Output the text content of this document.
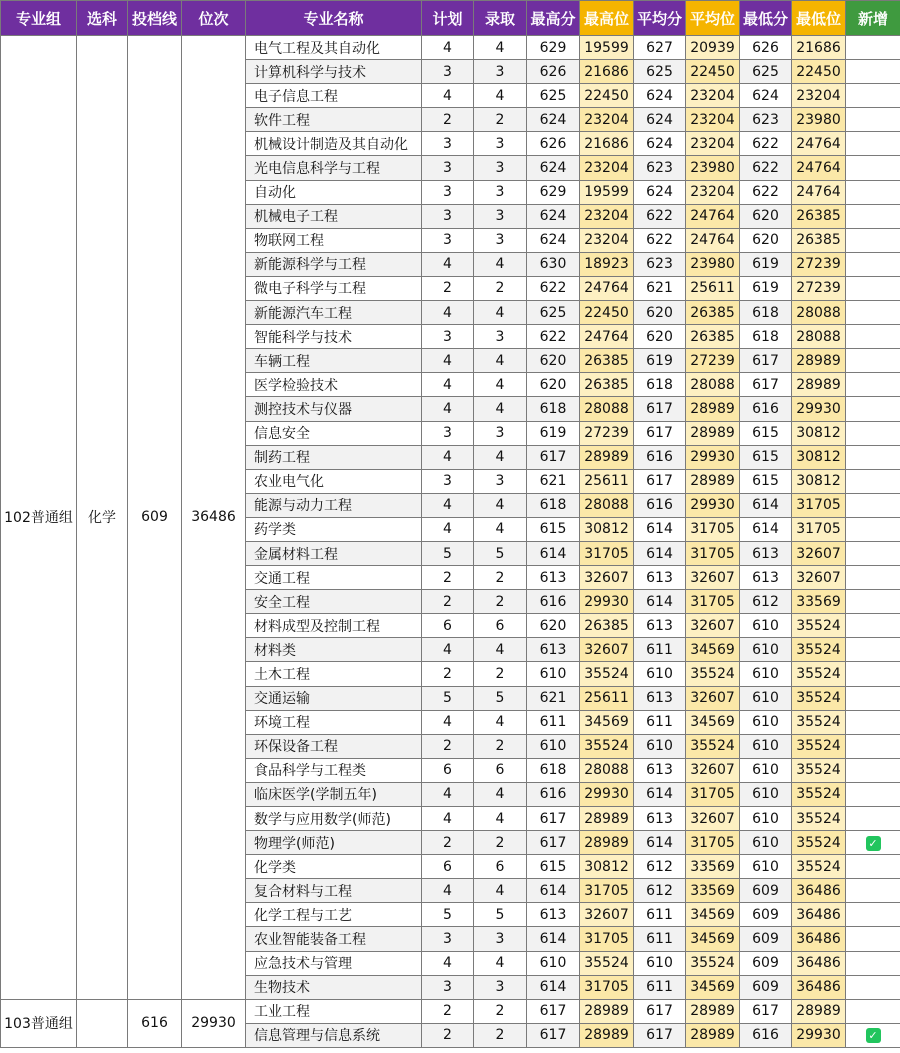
专业组	选科	投档线	位次	专业名称	计划	录取	最高分	最高位	平均分	平均位	最低分	最低位	新增
102普通组	化学	609	36486	电气工程及其自动化	4	4	629	19599	627	20939	626	21686	
				计算机科学与技术	3	3	626	21686	625	22450	625	22450	
				电子信息工程	4	4	625	22450	624	23204	624	23204	
				软件工程	2	2	624	23204	624	23204	623	23980	
				机械设计制造及其自动化	3	3	626	21686	624	23204	622	24764	
				光电信息科学与工程	3	3	624	23204	623	23980	622	24764	
				自动化	3	3	629	19599	624	23204	622	24764	
				机械电子工程	3	3	624	23204	622	24764	620	26385	
				物联网工程	3	3	624	23204	622	24764	620	26385	
				新能源科学与工程	4	4	630	18923	623	23980	619	27239	
				微电子科学与工程	2	2	622	24764	621	25611	619	27239	
				新能源汽车工程	4	4	625	22450	620	26385	618	28088	
				智能科学与技术	3	3	622	24764	620	26385	618	28088	
				车辆工程	4	4	620	26385	619	27239	617	28989	
				医学检验技术	4	4	620	26385	618	28088	617	28989	
				测控技术与仪器	4	4	618	28088	617	28989	616	29930	
				信息安全	3	3	619	27239	617	28989	615	30812	
				制药工程	4	4	617	28989	616	29930	615	30812	
				农业电气化	3	3	621	25611	617	28989	615	30812	
				能源与动力工程	4	4	618	28088	616	29930	614	31705	
				药学类	4	4	615	30812	614	31705	614	31705	
				金属材料工程	5	5	614	31705	614	31705	613	32607	
				交通工程	2	2	613	32607	613	32607	613	32607	
				安全工程	2	2	616	29930	614	31705	612	33569	
				材料成型及控制工程	6	6	620	26385	613	32607	610	35524	
				材料类	4	4	613	32607	611	34569	610	35524	
				土木工程	2	2	610	35524	610	35524	610	35524	
				交通运输	5	5	621	25611	613	32607	610	35524	
				环境工程	4	4	611	34569	611	34569	610	35524	
				环保设备工程	2	2	610	35524	610	35524	610	35524	
				食品科学与工程类	6	6	618	28088	613	32607	610	35524	
				临床医学(学制五年)	4	4	616	29930	614	31705	610	35524	
				数学与应用数学(师范)	4	4	617	28989	613	32607	610	35524	
				物理学(师范)	2	2	617	28989	614	31705	610	35524	✓
				化学类	6	6	615	30812	612	33569	610	35524	
				复合材料与工程	4	4	614	31705	612	33569	609	36486	
				化学工程与工艺	5	5	613	32607	611	34569	609	36486	
				农业智能装备工程	3	3	614	31705	611	34569	609	36486	
				应急技术与管理	4	4	610	35524	610	35524	609	36486	
				生物技术	3	3	614	31705	611	34569	609	36486	
103普通组		616	29930	工业工程	2	2	617	28989	617	28989	617	28989	
				信息管理与信息系统	2	2	617	28989	617	28989	616	29930	✓
